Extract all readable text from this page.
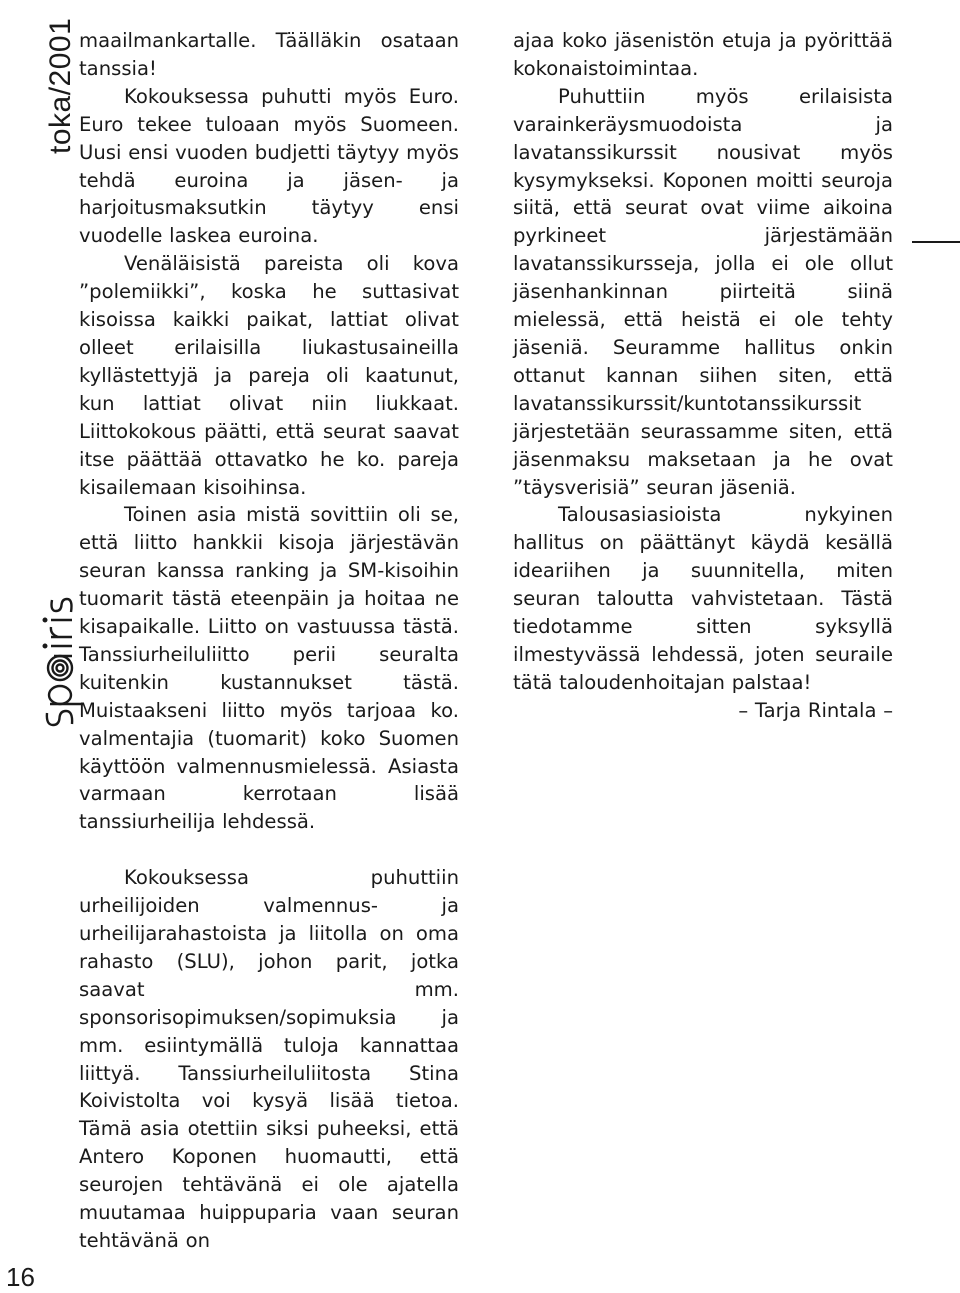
toka/2001
16

maailmankartalle. Täälläkin osataan tanssia!

Kokouksessa puhutti myös Euro. Euro tekee tuloaan myös Suomeen. Uusi ensi vuoden budjetti täytyy myös tehdä euroina ja jäsen- ja harjoitusmaksutkin täytyy ensi vuodelle laskea euroina.

Venäläisistä pareista oli kova ”polemiikki”, koska he suttasivat kisoissa kaikki paikat, lattiat olivat olleet erilaisilla liukastusaineilla kyllästettyjä ja pareja oli kaatunut, kun lattiat olivat niin liukkaat. Liittokokous päätti, että seurat saavat itse päättää ottavatko he ko. pareja kisailemaan kisoihinsa.

Toinen asia mistä sovittiin oli se, että liitto hankkii kisoja järjestävän seuran kanssa ranking ja SM-kisoihin tuomarit tästä eteenpäin ja hoitaa ne kisapaikalle. Liitto on vastuussa tästä. Tanssiurheiluliitto perii seuralta kuitenkin kustannukset tästä. Muistaakseni liitto myös tarjoaa ko. valmentajia (tuomarit) koko Suomen käyttöön valmennusmielessä. Asiasta varmaan kerrotaan lisää tanssiurheilija lehdessä.

Kokouksessa puhuttiin urheilijoiden valmennus- ja urheilijarahastoista ja liitolla on oma rahasto (SLU), johon parit, jotka saavat mm. sponsorisopimuksen/sopimuksia ja mm. esiintymällä tuloja kannattaa liittyä. Tanssiurheiluliitosta Stina Koivistolta voi kysyä lisää tietoa. Tämä asia otettiin siksi puheeksi, että Antero Koponen huomautti, että seurojen tehtävänä ei ole ajatella muutamaa huippuparia vaan seuran tehtävänä on

ajaa koko jäsenistön etuja ja pyörittää kokonaistoimintaa.

Puhuttiin myös erilaisista varainkeräysmuodoista ja lavatanssikurssit nousivat myös kysymykseksi. Koponen moitti seuroja siitä, että seurat ovat viime aikoina pyrkineet järjestämään lavatanssikursseja, jolla ei ole ollut jäsenhankinnan piirteitä siinä mielessä, että heistä ei ole tehty jäseniä. Seuramme hallitus onkin ottanut kannan siihen siten, että lavatanssikurssit/kuntotanssikurssit järjestetään seurassamme siten, että jäsenmaksu maksetaan ja he ovat ”täysverisiä” seuran jäseniä.

Talousasiasioista nykyinen hallitus on päättänyt käydä kesällä ideariihen ja suunnitella, miten seuran taloutta vahvistetaan. Tästä tiedotamme sitten syksyllä ilmestyvässä lehdessä, joten seuraile tätä taloudenhoitajan palstaa!

– Tarja Rintala –
